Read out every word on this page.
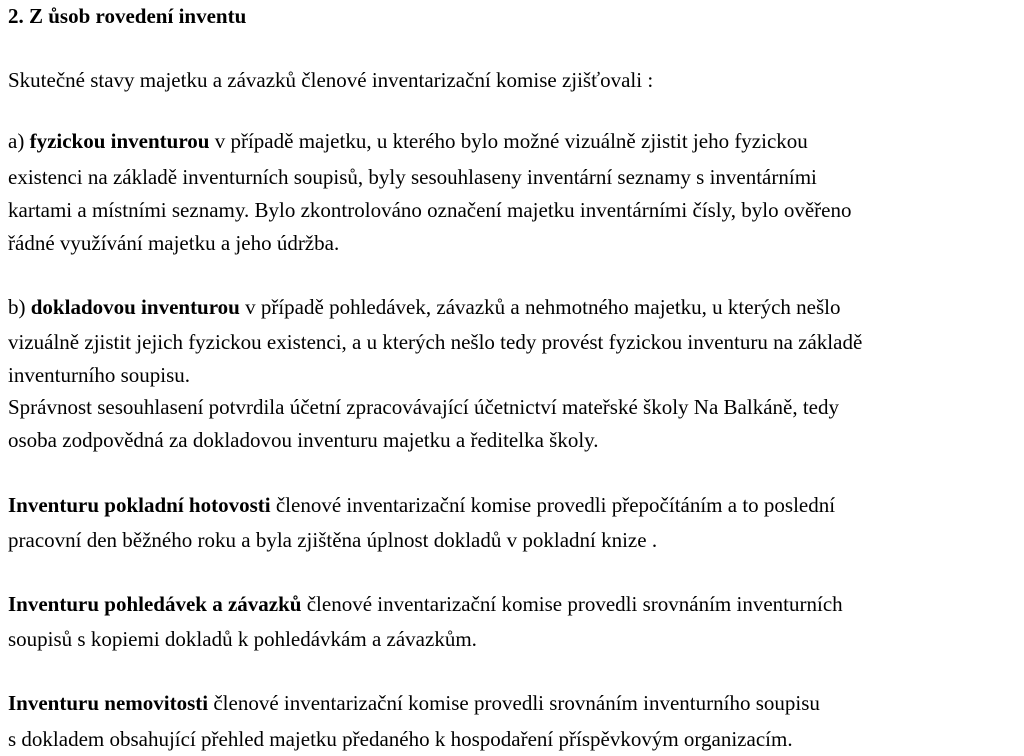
2. Z ůsob rovedení inventu
Skutečné stavy majetku a závazků členové inventarizační komise zjišťovali :
a) fyzickou inventurou v případě majetku, u kterého bylo možné vizuálně zjistit jeho fyzickou
existenci na základě inventurních soupisů, byly sesouhlaseny inventární seznamy s inventárními
kartami a místními seznamy. Bylo zkontrolováno označení majetku inventárními čísly, bylo ověřeno
řádné využívání majetku a jeho údržba.
b) dokladovou inventurou v případě pohledávek, závazků a nehmotného majetku, u kterých nešlo
vizuálně zjistit jejich fyzickou existenci, a u kterých nešlo tedy provést fyzickou inventuru na základě
inventurního soupisu.
Správnost sesouhlasení potvrdila účetní zpracovávající účetnictví mateřské školy Na Balkáně, tedy
osoba zodpovědná za dokladovou inventuru majetku a ředitelka školy.
Inventuru pokladní hotovosti členové inventarizační komise provedli přepočítáním a to poslední
pracovní den běžného roku a byla zjištěna úplnost dokladů v pokladní knize .
Inventuru pohledávek a závazků členové inventarizační komise provedli srovnáním inventurních
soupisů s kopiemi dokladů k pohledávkám a závazkům.
Inventuru nemovitosti členové inventarizační komise provedli srovnáním inventurního soupisu
s dokladem obsahující přehled majetku předaného k hospodaření příspěvkovým organizacím.
